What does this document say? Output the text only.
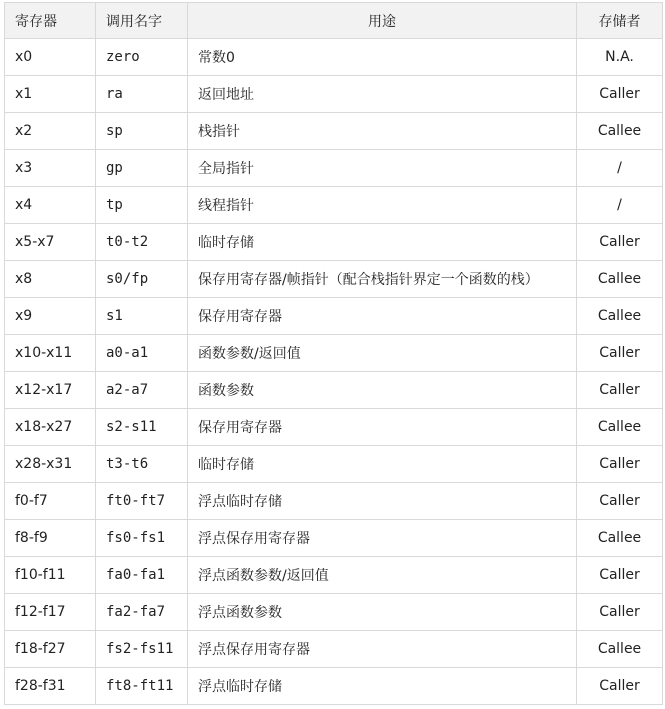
寄存器	调用名字	用途	存储者
x0	zero	常数0	N.A.
x1	ra	返回地址	Caller
x2	sp	栈指针	Callee
x3	gp	全局指针	/
x4	tp	线程指针	/
x5-x7	t0-t2	临时存储	Caller
x8	s0/fp	保存用寄存器/帧指针（配合栈指针界定一个函数的栈）	Callee
x9	s1	保存用寄存器	Callee
x10-x11	a0-a1	函数参数/返回值	Caller
x12-x17	a2-a7	函数参数	Caller
x18-x27	s2-s11	保存用寄存器	Callee
x28-x31	t3-t6	临时存储	Caller
f0-f7	ft0-ft7	浮点临时存储	Caller
f8-f9	fs0-fs1	浮点保存用寄存器	Callee
f10-f11	fa0-fa1	浮点函数参数/返回值	Caller
f12-f17	fa2-fa7	浮点函数参数	Caller
f18-f27	fs2-fs11	浮点保存用寄存器	Callee
f28-f31	ft8-ft11	浮点临时存储	Caller
